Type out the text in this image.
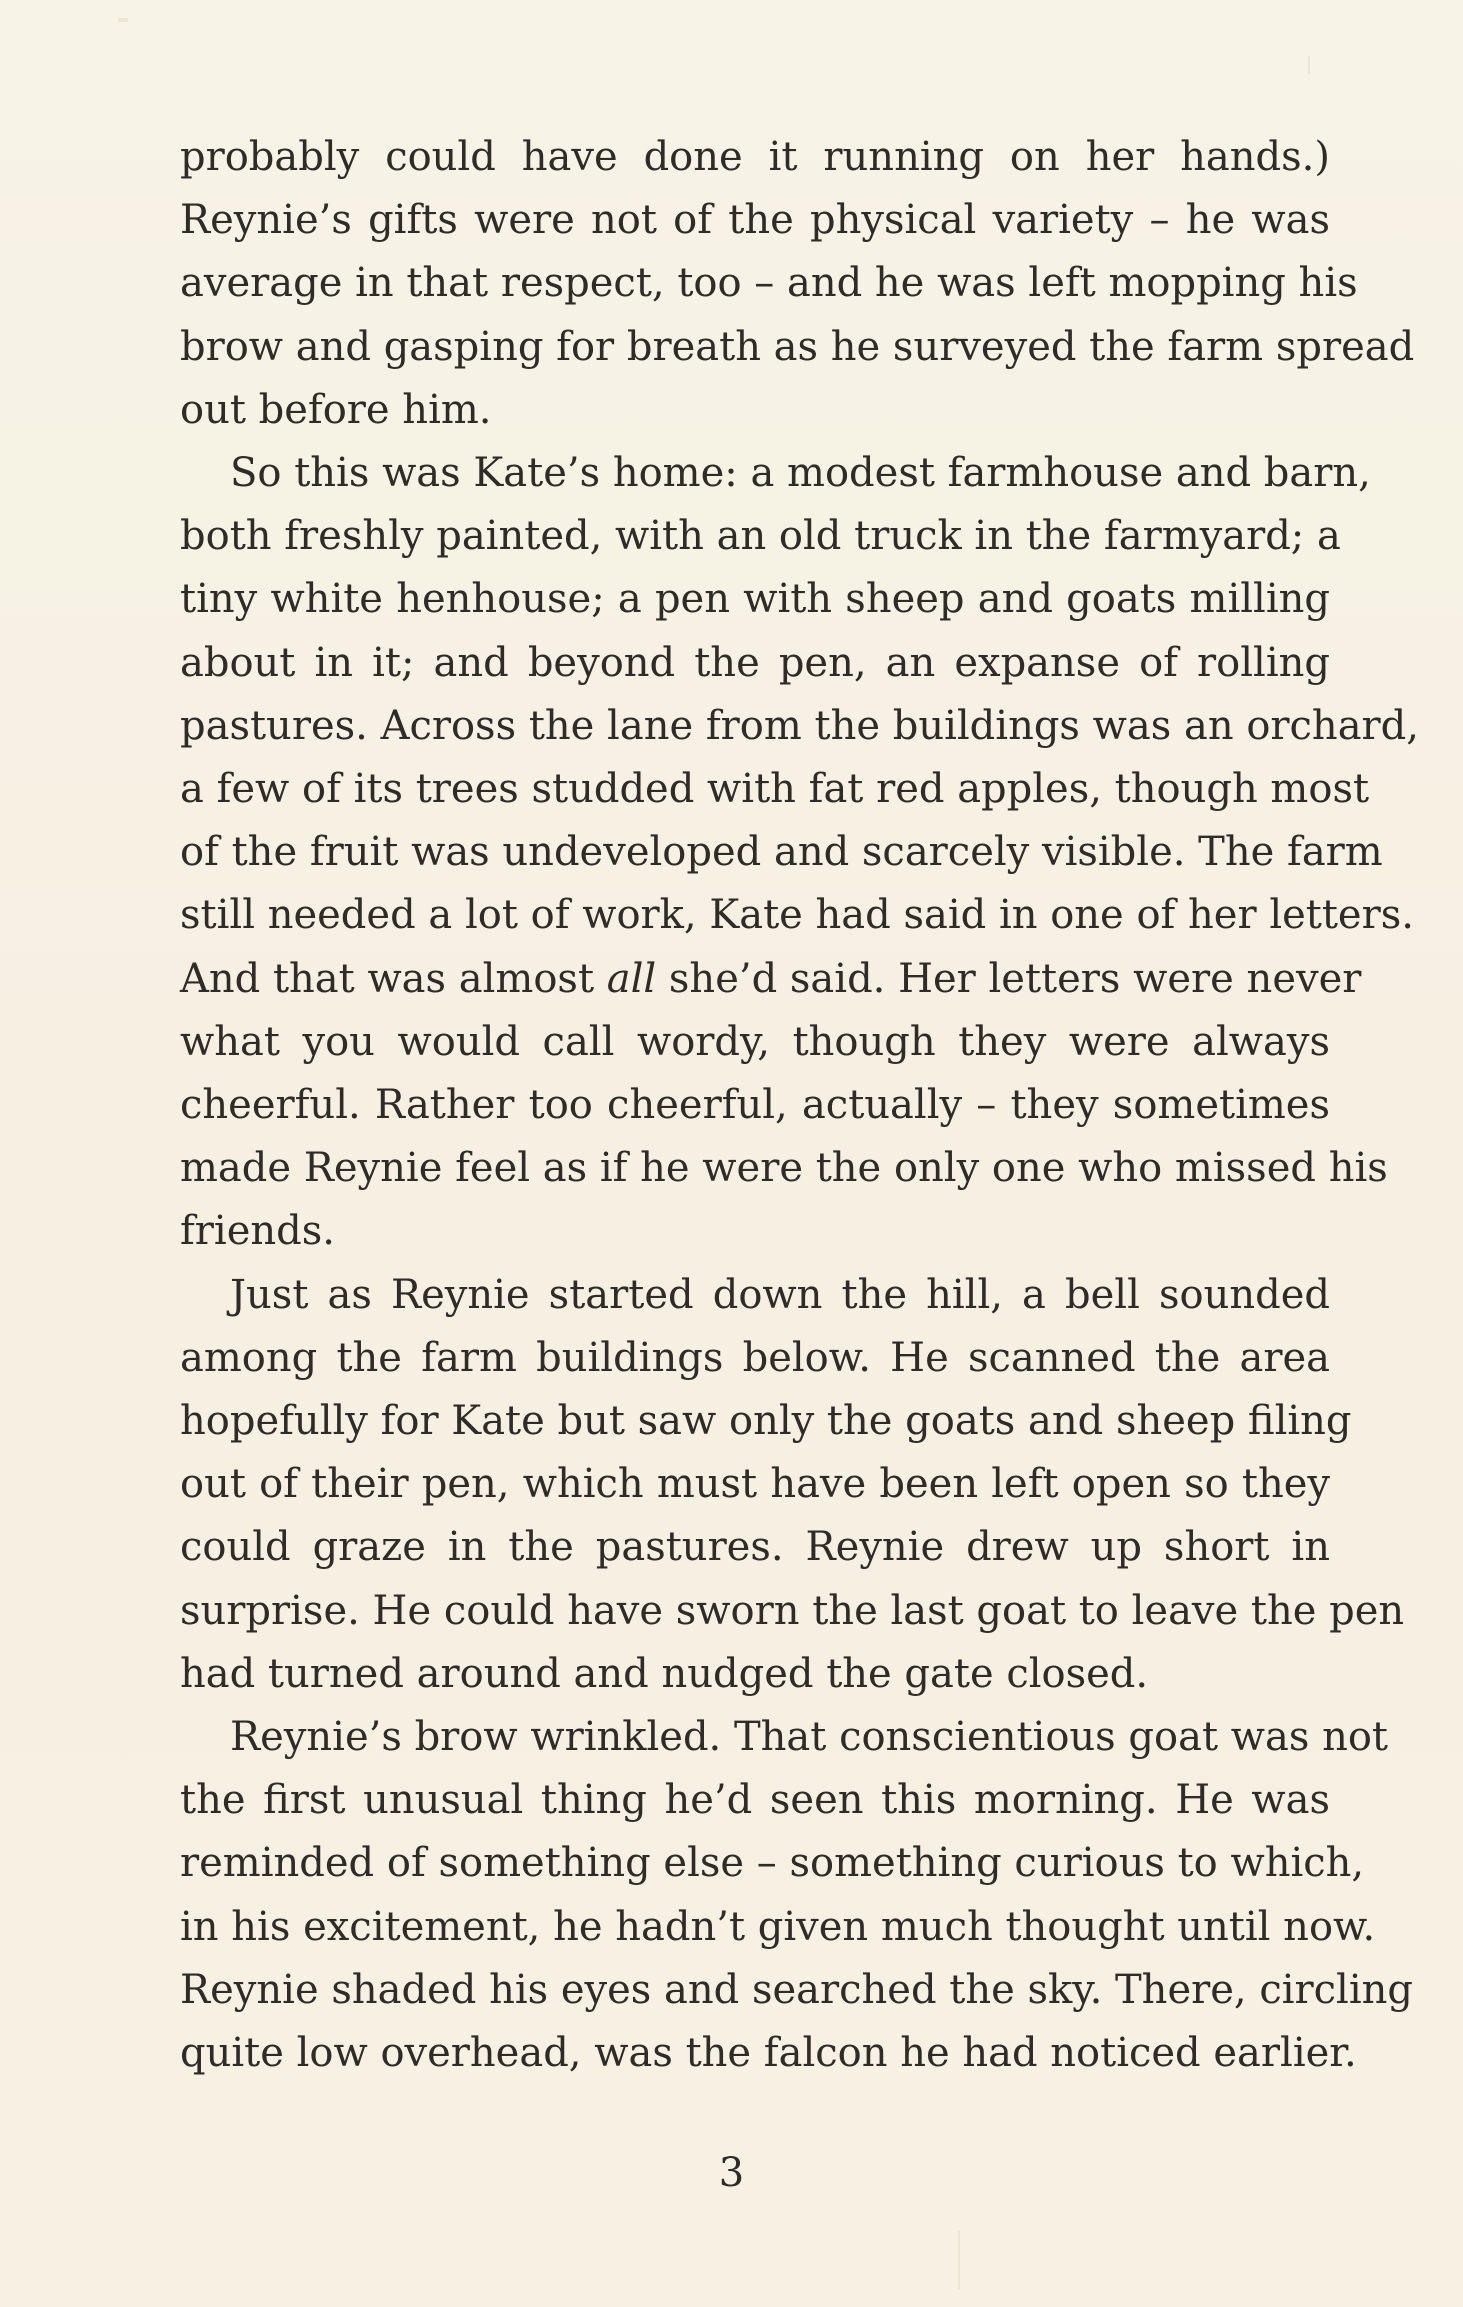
probably could have done it running on her hands.)
Reynie’s gifts were not of the physical variety – he was
average in that respect, too – and he was left mopping his
brow and gasping for breath as he surveyed the farm spread
out before him.

So this was Kate’s home: a modest farmhouse and barn,
both freshly painted, with an old truck in the farmyard; a
tiny white henhouse; a pen with sheep and goats milling
about in it; and beyond the pen, an expanse of rolling
pastures. Across the lane from the buildings was an orchard,
a few of its trees studded with fat red apples, though most
of the fruit was undeveloped and scarcely visible. The farm
still needed a lot of work, Kate had said in one of her letters.
And that was almost all she’d said. Her letters were never
what you would call wordy, though they were always
cheerful. Rather too cheerful, actually – they sometimes
made Reynie feel as if he were the only one who missed his
friends.

Just as Reynie started down the hill, a bell sounded
among the farm buildings below. He scanned the area
hopefully for Kate but saw only the goats and sheep filing
out of their pen, which must have been left open so they
could graze in the pastures. Reynie drew up short in
surprise. He could have sworn the last goat to leave the pen
had turned around and nudged the gate closed.

Reynie’s brow wrinkled. That conscientious goat was not
the first unusual thing he’d seen this morning. He was
reminded of something else – something curious to which,
in his excitement, he hadn’t given much thought until now.
Reynie shaded his eyes and searched the sky. There, circling
quite low overhead, was the falcon he had noticed earlier.

3
